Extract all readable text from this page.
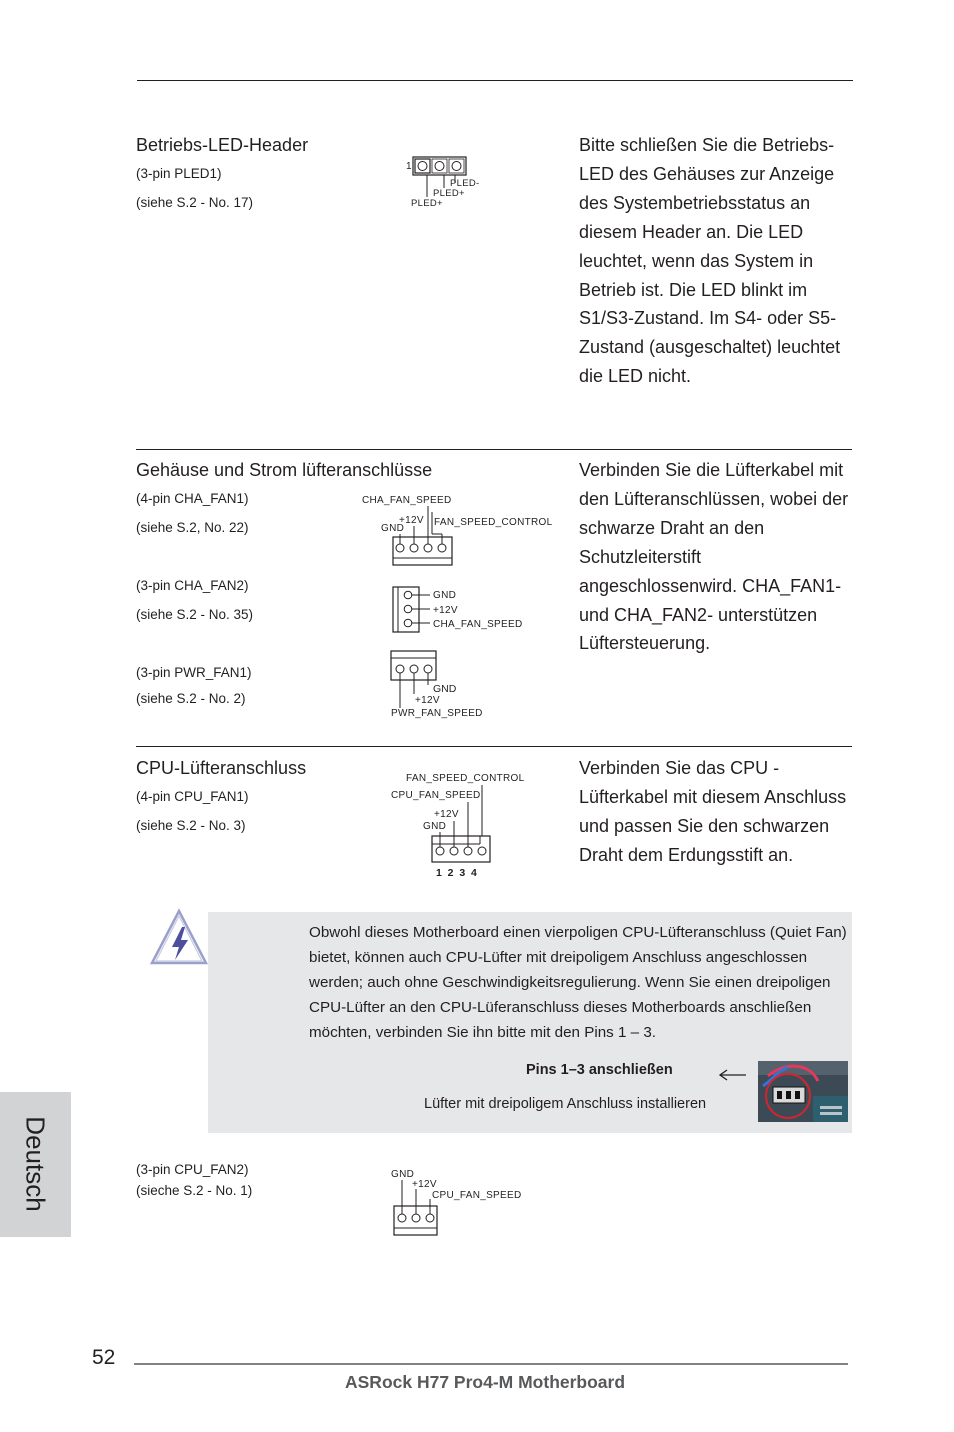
Betriebs-LED-Header
(3-pin PLED1)
(siehe S.2 - No. 17)
1
PLED-
PLED+
PLED+
Bitte schließen Sie die Betriebs-LED des Gehäuses zur Anzeige des Systembetriebsstatus an diesem Header an. Die LED leuchtet, wenn das System in Betrieb ist. Die LED blinkt im S1/S3-Zustand. Im S4- oder S5-Zustand (ausgeschaltet) leuchtet die LED nicht.
Gehäuse und Strom lüfteranschlüsse
(4-pin CHA_FAN1)
(siehe S.2, No. 22)
(3-pin CHA_FAN2)
(siehe S.2 - No. 35)
(3-pin PWR_FAN1)
(siehe S.2 - No. 2)
CHA_FAN_SPEED
+12V
GND
FAN_SPEED_CONTROL
GND
+12V
CHA_FAN_SPEED
GND
+12V
PWR_FAN_SPEED
Verbinden Sie die Lüfterkabel mit den Lüfteranschlüssen, wobei der schwarze Draht an den Schutzleiterstift angeschlossenwird. CHA_FAN1- und CHA_FAN2- unterstützen Lüftersteuerung.
CPU-Lüfteranschluss
(4-pin CPU_FAN1)
(siehe S.2 - No. 3)
FAN_SPEED_CONTROL
CPU_FAN_SPEED
+12V
GND
1  2  3  4
Verbinden Sie das CPU - Lüfterkabel mit diesem Anschluss und passen Sie den schwarzen Draht dem Erdungsstift an.
Obwohl dieses Motherboard einen vierpoligen CPU-Lüfteranschluss (Quiet Fan) bietet, können auch CPU-Lüfter mit dreipoligem Anschluss angeschlossen werden; auch ohne Geschwindigkeitsregulierung. Wenn Sie einen dreipoligen CPU-Lüfter an den CPU-Lüferanschluss dieses Motherboards anschließen möchten, verbinden Sie ihn bitte mit den Pins 1 – 3.
Pins 1–3 anschließen
Lüfter mit dreipoligem Anschluss installieren
(3-pin CPU_FAN2)
(sieche S.2 - No. 1)
GND
+12V
CPU_FAN_SPEED
Deutsch
52
ASRock H77 Pro4-M Motherboard
